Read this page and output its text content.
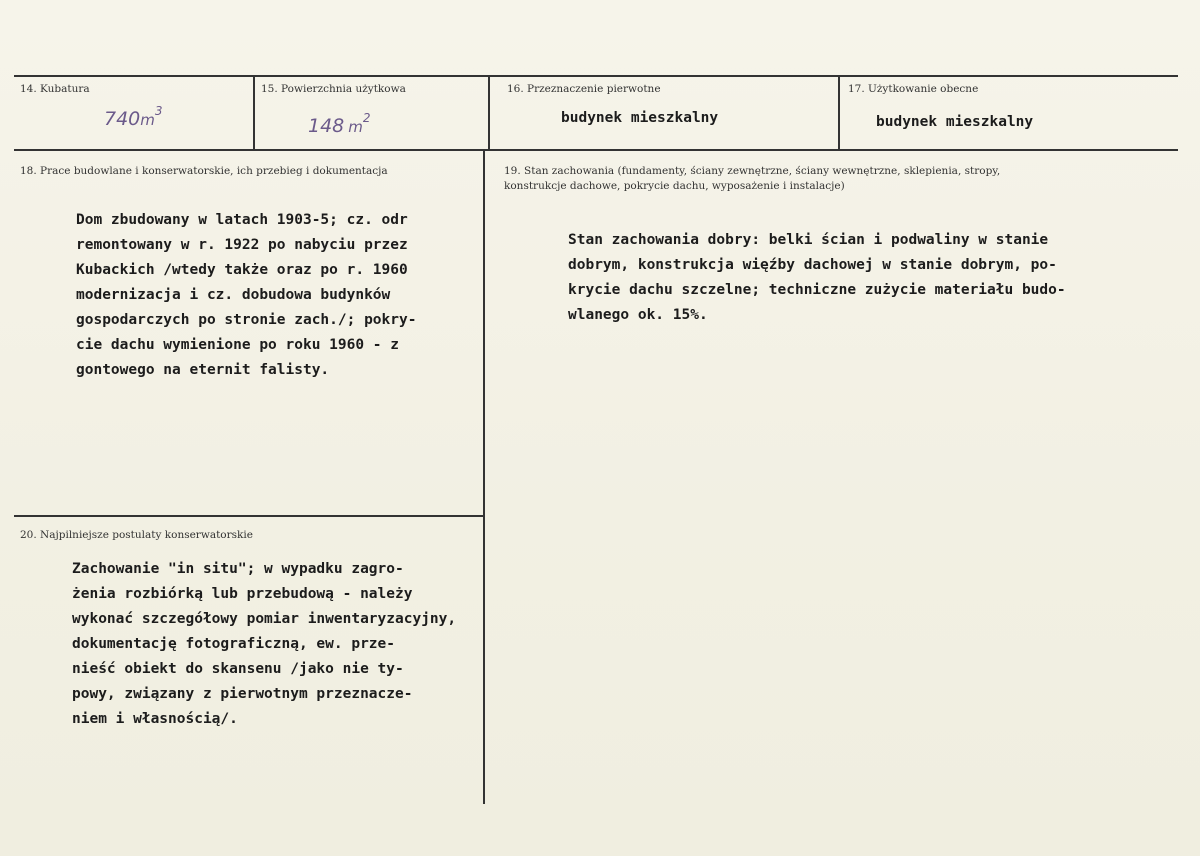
14. Kubatura
$740m^3$
15. Powierzchnia użytkowa
148 $m^2$
16. Przeznaczenie pierwotne
budynek mieszkalny
17. Użytkowanie obecne
budynek mieszkalny
18. Prace budowlane i konserwatorskie, ich przebieg i dokumentacja
Dom zbudowany w latach 1903-5; cz. odr
remontowany w r. 1922 po nabyciu przez
Kubackich /wtedy także oraz po r. 1960
modernizacja i cz. dobudowa budynków
gospodarczych po stronie zach./; pokry-
cie dachu wymienione po roku 1960 - z
gontowego na eternit falisty.
19. Stan zachowania (fundamenty, ściany zewnętrzne, ściany wewnętrzne, sklepienia, stropy,
konstrukcje dachowe, pokrycie dachu, wyposażenie i instalacje)
Stan zachowania dobry: belki ścian i podwaliny w stanie
dobrym, konstrukcja więźby dachowej w stanie dobrym, po-
krycie dachu szczelne; techniczne zużycie materiału budo-
wlanego ok. 15%.
20. Najpilniejsze postulaty konserwatorskie
Zachowanie "in situ"; w wypadku zagro-
żenia rozbiórką lub przebudową - należy
wykonać szczegółowy pomiar inwentaryzacyjny,
dokumentację fotograficzną, ew. prze-
nieść obiekt do skansenu /jako nie ty-
powy, związany z pierwotnym przeznacze-
niem i własnością/.
